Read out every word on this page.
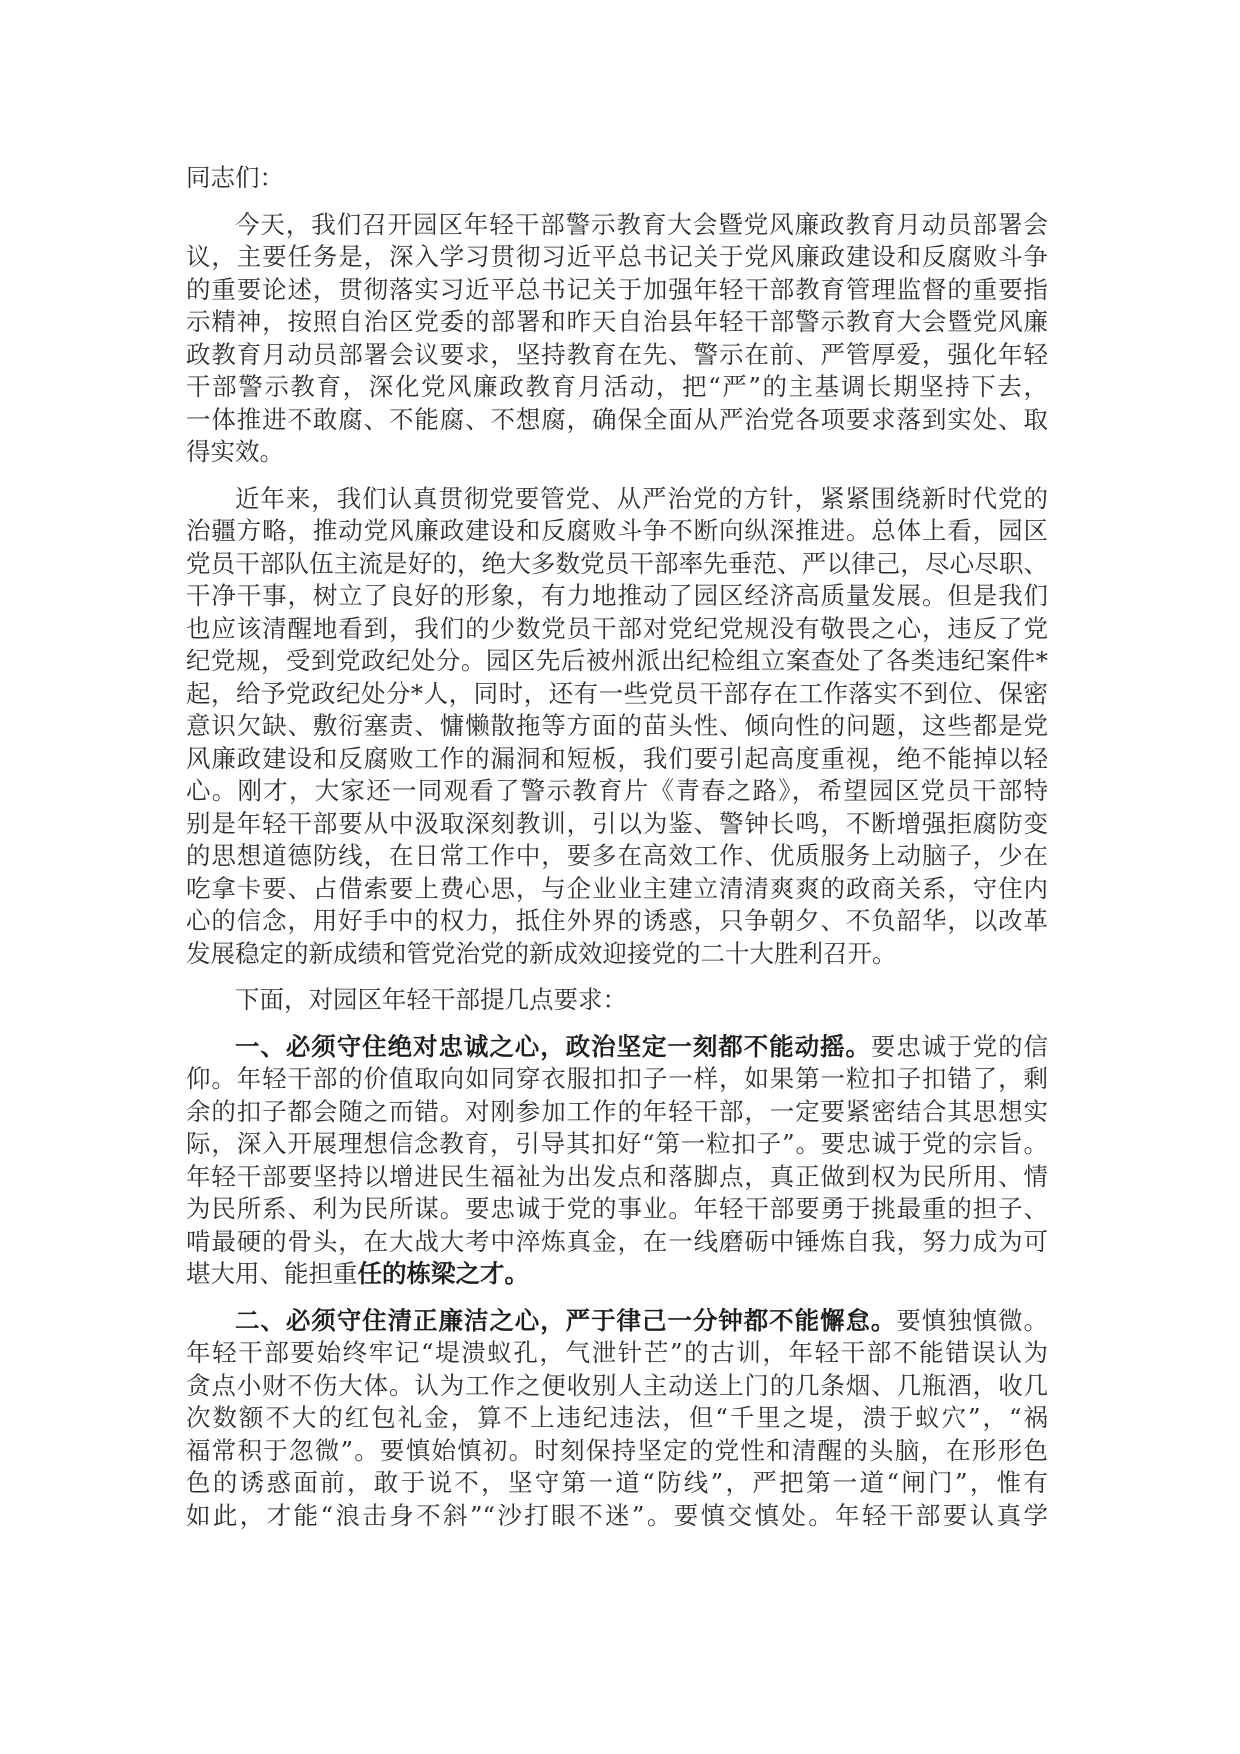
同志们：
今天，我们召开园区年轻干部警示教育大会暨党风廉政教育月动员部署会
议，主要任务是，深入学习贯彻习近平总书记关于党风廉政建设和反腐败斗争
的重要论述，贯彻落实习近平总书记关于加强年轻干部教育管理监督的重要指
示精神，按照自治区党委的部署和昨天自治县年轻干部警示教育大会暨党风廉
政教育月动员部署会议要求，坚持教育在先、警示在前、严管厚爱，强化年轻
干部警示教育，深化党风廉政教育月活动，把“严”的主基调长期坚持下去，
一体推进不敢腐、不能腐、不想腐，确保全面从严治党各项要求落到实处、取
得实效。
近年来，我们认真贯彻党要管党、从严治党的方针，紧紧围绕新时代党的
治疆方略，推动党风廉政建设和反腐败斗争不断向纵深推进。总体上看，园区
党员干部队伍主流是好的，绝大多数党员干部率先垂范、严以律己，尽心尽职、
干净干事，树立了良好的形象，有力地推动了园区经济高质量发展。但是我们
也应该清醒地看到，我们的少数党员干部对党纪党规没有敬畏之心，违反了党
纪党规，受到党政纪处分。园区先后被州派出纪检组立案查处了各类违纪案件*
起，给予党政纪处分*人，同时，还有一些党员干部存在工作落实不到位、保密
意识欠缺、敷衍塞责、慵懒散拖等方面的苗头性、倾向性的问题，这些都是党
风廉政建设和反腐败工作的漏洞和短板，我们要引起高度重视，绝不能掉以轻
心。刚才，大家还一同观看了警示教育片《青春之路》，希望园区党员干部特
别是年轻干部要从中汲取深刻教训，引以为鉴、警钟长鸣，不断增强拒腐防变
的思想道德防线，在日常工作中，要多在高效工作、优质服务上动脑子，少在
吃拿卡要、占借索要上费心思，与企业业主建立清清爽爽的政商关系，守住内
心的信念，用好手中的权力，抵住外界的诱惑，只争朝夕、不负韶华，以改革
发展稳定的新成绩和管党治党的新成效迎接党的二十大胜利召开。
下面，对园区年轻干部提几点要求：
一、必须守住绝对忠诚之心，政治坚定一刻都不能动摇。要忠诚于党的信
仰。年轻干部的价值取向如同穿衣服扣扣子一样，如果第一粒扣子扣错了，剩
余的扣子都会随之而错。对刚参加工作的年轻干部，一定要紧密结合其思想实
际，深入开展理想信念教育，引导其扣好“第一粒扣子”。要忠诚于党的宗旨。
年轻干部要坚持以增进民生福祉为出发点和落脚点，真正做到权为民所用、情
为民所系、利为民所谋。要忠诚于党的事业。年轻干部要勇于挑最重的担子、
啃最硬的骨头，在大战大考中淬炼真金，在一线磨砺中锤炼自我，努力成为可
堪大用、能担重任的栋梁之才。
二、必须守住清正廉洁之心，严于律己一分钟都不能懈怠。要慎独慎微。
年轻干部要始终牢记“堤溃蚁孔，气泄针芒”的古训，年轻干部不能错误认为
贪点小财不伤大体。认为工作之便收别人主动送上门的几条烟、几瓶酒，收几
次数额不大的红包礼金，算不上违纪违法，但“千里之堤，溃于蚁穴”，“祸
福常积于忽微”。要慎始慎初。时刻保持坚定的党性和清醒的头脑，在形形色
色的诱惑面前，敢于说不，坚守第一道“防线”，严把第一道“闸门”，惟有
如此，才能“浪击身不斜”“沙打眼不迷”。要慎交慎处。年轻干部要认真学
